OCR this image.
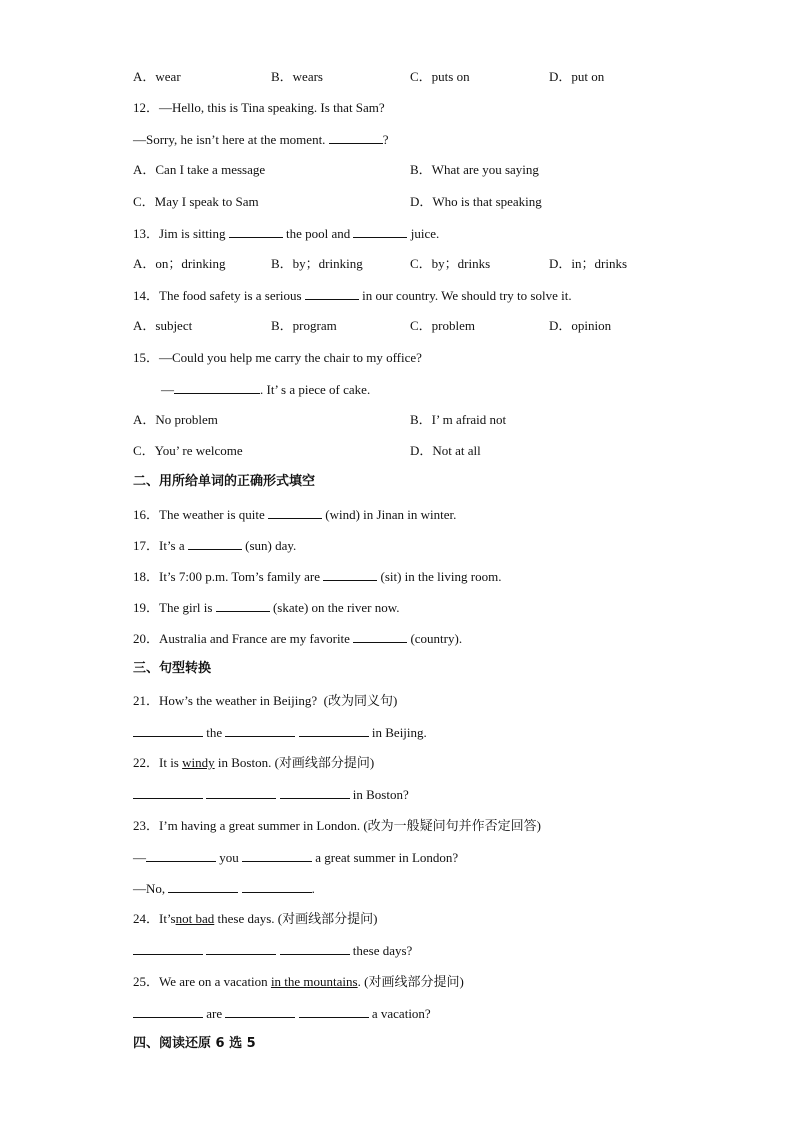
A．wear	B．wears	C．puts on	D．put on
12．—Hello, this is Tina speaking. Is that Sam?
—Sorry, he isn’t here at the moment.	?
A．Can I take a message	B．What are you saying
C．May I speak to Sam	D．Who is that speaking
13．Jim is sitting	the pool and	juice.
A．on；drinking	B．by；drinking	C．by；drinks	D．in；drinks
14．The food safety is a serious	in our country. We should try to solve it.
A．subject	B．program	C．problem	D．opinion
15．—Could you help me carry the chair to my office?
—	. It’ s a piece of cake.
A．No problem	B．I’ m afraid not
C．You’ re welcome	D．Not at all
二、用所给单词的正确形式填空
16．The weather is quite	(wind) in Jinan in winter.
17．It’s a	(sun) day.
18．It’s 7:00 p.m. Tom’s family are	(sit) in the living room.
19．The girl is	(skate) on the river now.
20．Australia and France are my favorite	(country).
三、句型转换
21．How’s the weather in Beijing?  (改为同义句)
the	in Beijing.
22．It is windy in Boston. (对画线部分提问)
in Boston?
23．I’m having a great summer in London. (改为一般疑问句并作否定回答)
—	you	a great summer in London?
—No,	.
24．It’snot bad these days. (对画线部分提问)
these days?
25．We are on a vacation in the mountains. (对画线部分提问)
are	a vacation?
四、阅读还原 6 选 5
